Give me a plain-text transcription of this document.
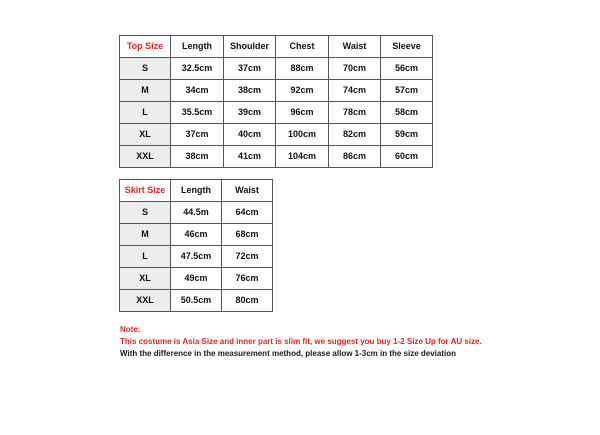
Top Size	Length	Shoulder	Chest	Waist	Sleeve
S	32.5cm	37cm	88cm	70cm	56cm
M	34cm	38cm	92cm	74cm	57cm
L	35.5cm	39cm	96cm	78cm	58cm
XL	37cm	40cm	100cm	82cm	59cm
XXL	38cm	41cm	104cm	86cm	60cm
Skirt Size	Length	Waist
S	44.5m	64cm
M	46cm	68cm
L	47.5cm	72cm
XL	49cm	76cm
XXL	50.5cm	80cm
Note:
This costume is Asia Size and inner part is slim fit, we suggest you buy 1-2 Size Up for AU size.
With the difference in the measurement method, please allow 1-3cm in the size deviation
